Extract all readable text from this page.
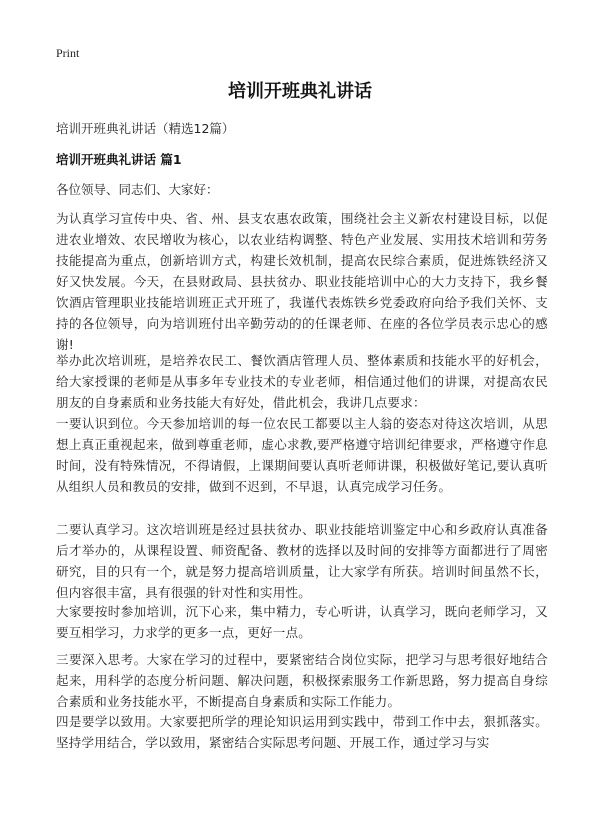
Print
培训开班典礼讲话
培训开班典礼讲话（精选12篇）
培训开班典礼讲话 篇1
各位领导、同志们、大家好：

为认真学习宣传中央、省、州、县支农惠农政策，围绕社会主义新农村建设目标，以促进农业增效、农民增收为核心，以农业结构调整、特色产业发展、实用技术培训和劳务技能提高为重点，创新培训方式，构建长效机制，提高农民综合素质，促进炼铁经济又好又快发展。今天，在县财政局、县扶贫办、职业技能培训中心的大力支持下，我乡餐饮酒店管理职业技能培训班正式开班了，我谨代表炼铁乡党委政府向给予我们关怀、支持的各位领导，向为培训班付出辛勤劳动的的任课老师、在座的各位学员表示忠心的感谢!

举办此次培训班，是培养农民工、餐饮酒店管理人员、整体素质和技能水平的好机会，给大家授课的老师是从事多年专业技术的专业老师，相信通过他们的讲课，对提高农民朋友的自身素质和业务技能大有好处，借此机会，我讲几点要求：

一要认识到位。今天参加培训的每一位农民工都要以主人翁的姿态对待这次培训，从思想上真正重视起来，做到尊重老师，虚心求教,要严格遵守培训纪律要求，严格遵守作息时间，没有特殊情况，不得请假，上课期间要认真听老师讲课，积极做好笔记,要认真听从组织人员和教员的安排，做到不迟到，不早退，认真完成学习任务。

二要认真学习。这次培训班是经过县扶贫办、职业技能培训鉴定中心和乡政府认真准备后才举办的，从课程设置、师资配备、教材的选择以及时间的安排等方面都进行了周密研究，目的只有一个，就是努力提高培训质量，让大家学有所获。培训时间虽然不长，但内容很丰富，具有很强的针对性和实用性。

大家要按时参加培训，沉下心来，集中精力，专心听讲，认真学习，既向老师学习，又要互相学习，力求学的更多一点，更好一点。

三要深入思考。大家在学习的过程中，要紧密结合岗位实际，把学习与思考很好地结合起来，用科学的态度分析问题、解决问题，积极探索服务工作新思路，努力提高自身综合素质和业务技能水平，不断提高自身素质和实际工作能力。

四是要学以致用。大家要把所学的理论知识运用到实践中，带到工作中去，狠抓落实。坚持学用结合，学以致用，紧密结合实际思考问题、开展工作，通过学习与实
